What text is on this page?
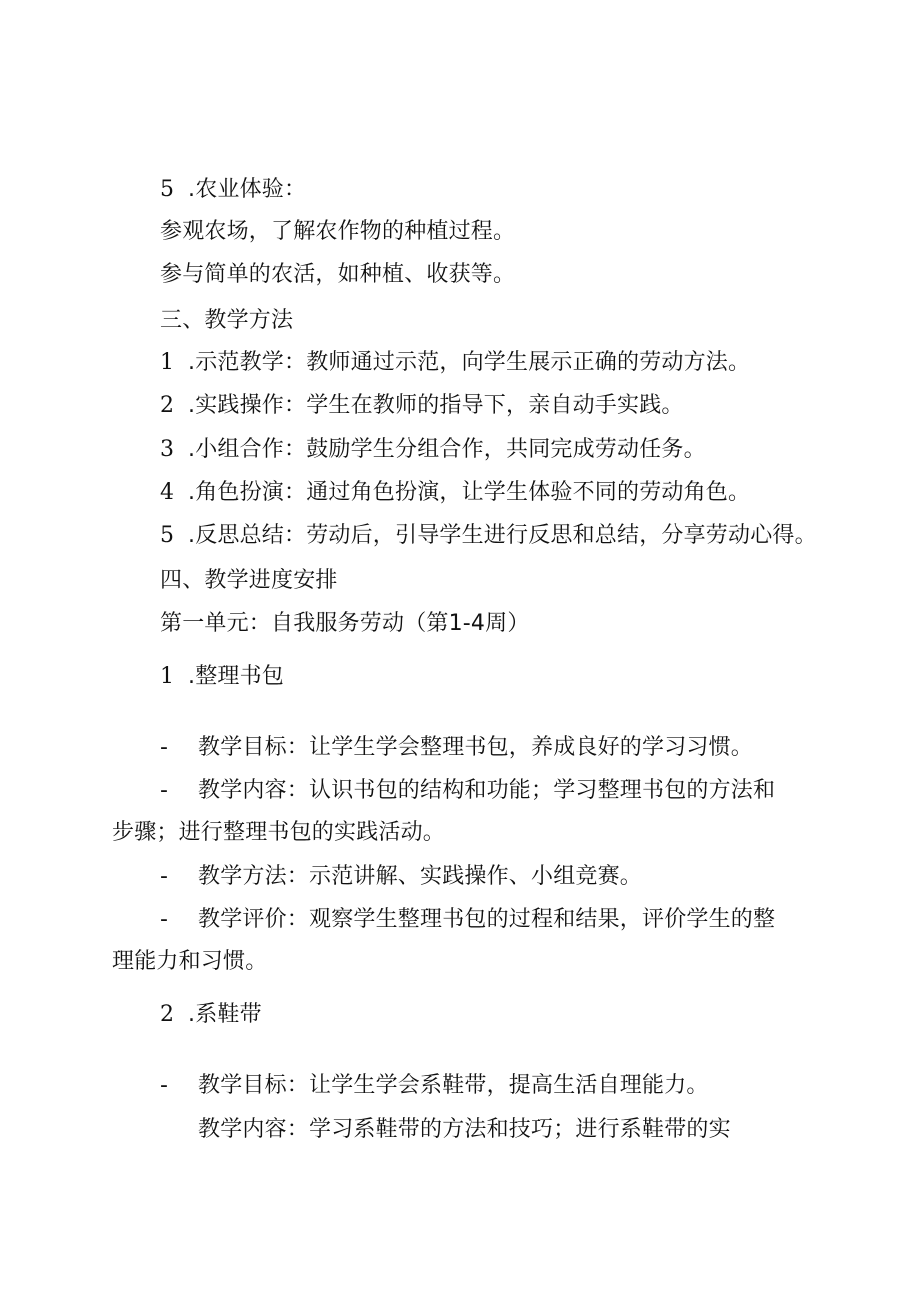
5 .农业体验：
参观农场，了解农作物的种植过程。
参与简单的农活，如种植、收获等。
三、教学方法
1 .示范教学：教师通过示范，向学生展示正确的劳动方法。
2 .实践操作：学生在教师的指导下，亲自动手实践。
3 .小组合作：鼓励学生分组合作，共同完成劳动任务。
4 .角色扮演：通过角色扮演，让学生体验不同的劳动角色。
5 .反思总结：劳动后，引导学生进行反思和总结，分享劳动心得。
四、教学进度安排
第一单元：自我服务劳动（第1-4周）
1 .整理书包
- 教学目标：让学生学会整理书包，养成良好的学习习惯。
- 教学内容：认识书包的结构和功能；学习整理书包的方法和
步骤；进行整理书包的实践活动。
- 教学方法：示范讲解、实践操作、小组竞赛。
- 教学评价：观察学生整理书包的过程和结果，评价学生的整
理能力和习惯。
2 .系鞋带
- 教学目标：让学生学会系鞋带，提高生活自理能力。
教学内容：学习系鞋带的方法和技巧；进行系鞋带的实
